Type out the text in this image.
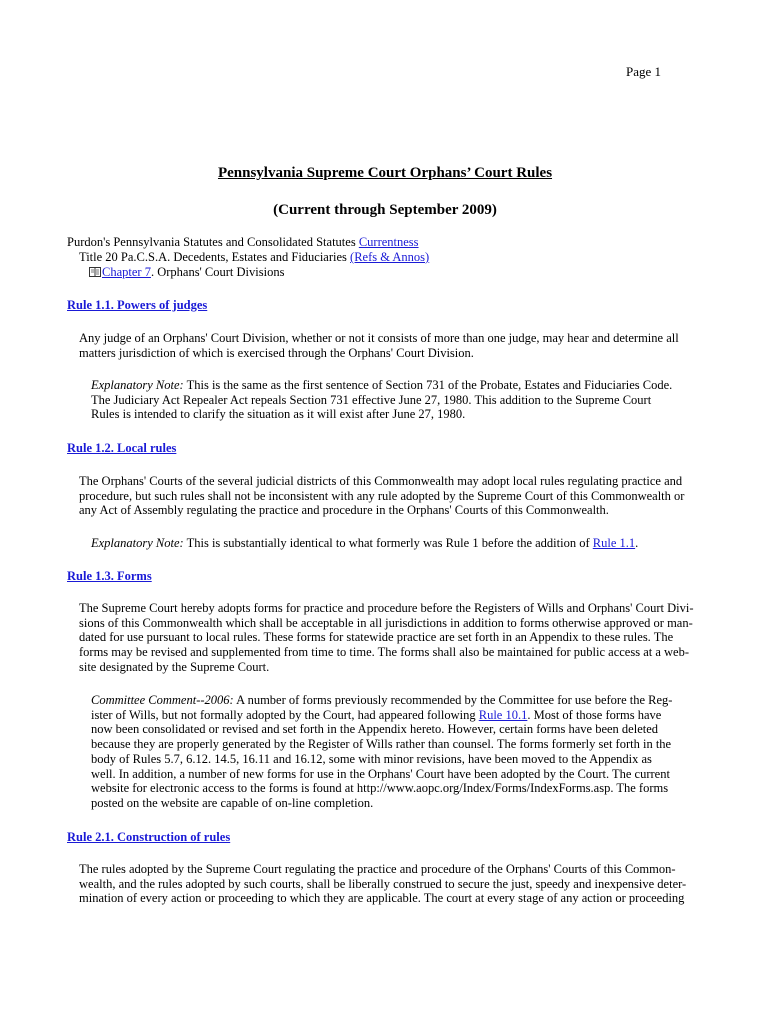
Page 1
Pennsylvania Supreme Court Orphans’ Court Rules
(Current through September 2009)
Purdon's Pennsylvania Statutes and Consolidated Statutes Currentness
Title 20 Pa.C.S.A. Decedents, Estates and Fiduciaries (Refs & Annos)
Chapter 7. Orphans' Court Divisions
Rule 1.1. Powers of judges
Any judge of an Orphans' Court Division, whether or not it consists of more than one judge, may hear and determine all
matters jurisdiction of which is exercised through the Orphans' Court Division.
Explanatory Note: This is the same as the first sentence of Section 731 of the Probate, Estates and Fiduciaries Code.
The Judiciary Act Repealer Act repeals Section 731 effective June 27, 1980. This addition to the Supreme Court
Rules is intended to clarify the situation as it will exist after June 27, 1980.
Rule 1.2. Local rules
The Orphans' Courts of the several judicial districts of this Commonwealth may adopt local rules regulating practice and
procedure, but such rules shall not be inconsistent with any rule adopted by the Supreme Court of this Commonwealth or
any Act of Assembly regulating the practice and procedure in the Orphans' Courts of this Commonwealth.
Explanatory Note: This is substantially identical to what formerly was Rule 1 before the addition of Rule 1.1.
Rule 1.3. Forms
The Supreme Court hereby adopts forms for practice and procedure before the Registers of Wills and Orphans' Court Divi-
sions of this Commonwealth which shall be acceptable in all jurisdictions in addition to forms otherwise approved or man-
dated for use pursuant to local rules. These forms for statewide practice are set forth in an Appendix to these rules. The
forms may be revised and supplemented from time to time. The forms shall also be maintained for public access at a web-
site designated by the Supreme Court.
Committee Comment--2006: A number of forms previously recommended by the Committee for use before the Reg-
ister of Wills, but not formally adopted by the Court, had appeared following Rule 10.1. Most of those forms have
now been consolidated or revised and set forth in the Appendix hereto. However, certain forms have been deleted
because they are properly generated by the Register of Wills rather than counsel. The forms formerly set forth in the
body of Rules 5.7, 6.12. 14.5, 16.11 and 16.12, some with minor revisions, have been moved to the Appendix as
well. In addition, a number of new forms for use in the Orphans' Court have been adopted by the Court. The current
website for electronic access to the forms is found at http://www.aopc.org/Index/Forms/IndexForms.asp. The forms
posted on the website are capable of on-line completion.
Rule 2.1. Construction of rules
The rules adopted by the Supreme Court regulating the practice and procedure of the Orphans' Courts of this Common-
wealth, and the rules adopted by such courts, shall be liberally construed to secure the just, speedy and inexpensive deter-
mination of every action or proceeding to which they are applicable. The court at every stage of any action or proceeding
